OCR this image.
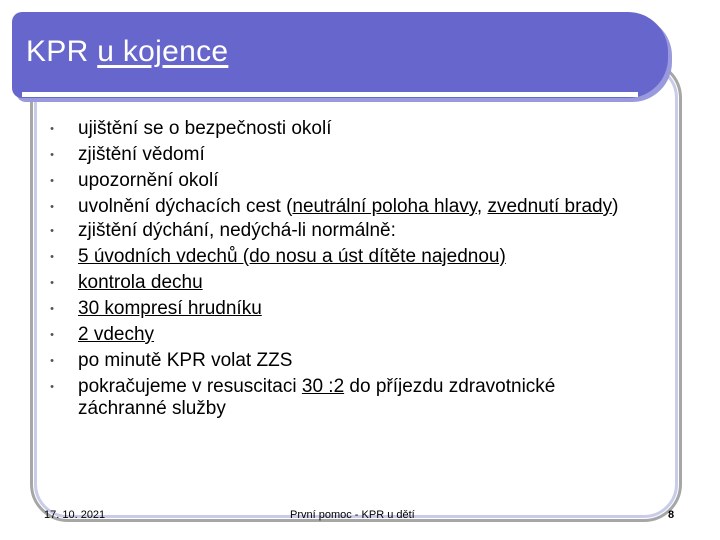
KPR u kojence
• ujištění se o bezpečnosti okolí
• zjištění vědomí
• upozornění okolí
• uvolnění dýchacích cest (neutrální poloha hlavy, zvednutí brady)
• zjištění dýchání, nedýchá-li normálně:
• 5 úvodních vdechů (do nosu a úst dítěte najednou)
• kontrola dechu
• 30 kompresí hrudníku
• 2 vdechy
• po minutě KPR volat ZZS
• pokračujeme v resuscitaci 30 :2 do příjezdu zdravotnické záchranné služby
17. 10. 2021	První pomoc - KPR u dětí	8
